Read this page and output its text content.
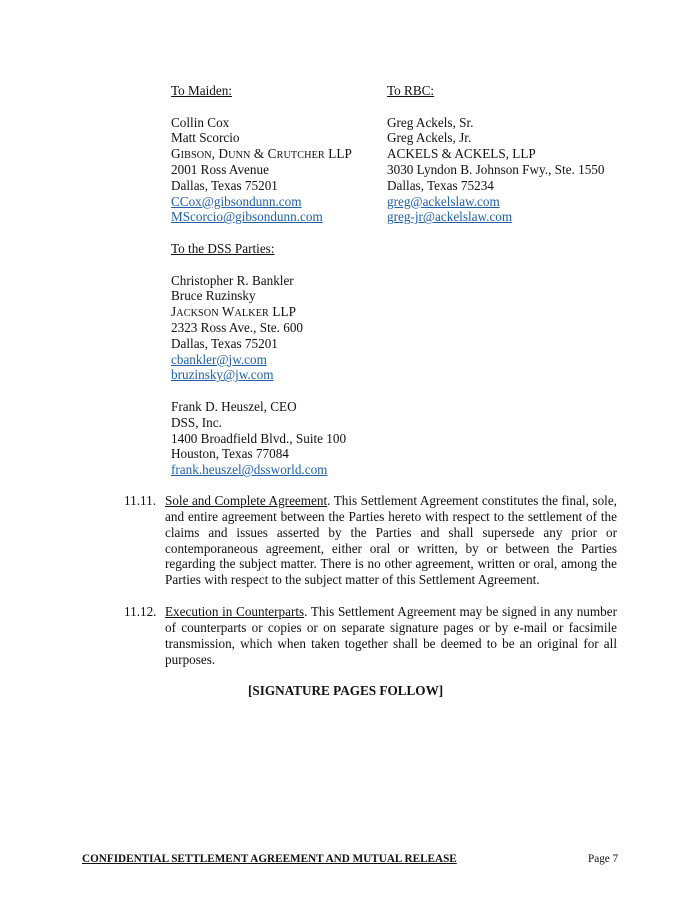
To Maiden:
Collin Cox
Matt Scorcio
GIBSON, DUNN & CRUTCHER LLP
2001 Ross Avenue
Dallas, Texas 75201
CCox@gibsondunn.com
MScorcio@gibsondunn.com
To RBC:
Greg Ackels, Sr.
Greg Ackels, Jr.
ACKELS & ACKELS, LLP
3030 Lyndon B. Johnson Fwy., Ste. 1550
Dallas, Texas 75234
greg@ackelslaw.com
greg-jr@ackelslaw.com
To the DSS Parties:
Christopher R. Bankler
Bruce Ruzinsky
JACKSON WALKER LLP
2323 Ross Ave., Ste. 600
Dallas, Texas 75201
cbankler@jw.com
bruzinsky@jw.com
Frank D. Heuszel, CEO
DSS, Inc.
1400 Broadfield Blvd., Suite 100
Houston, Texas 77084
frank.heuszel@dssworld.com
11.11. Sole and Complete Agreement. This Settlement Agreement constitutes the final, sole, and entire agreement between the Parties hereto with respect to the settlement of the claims and issues asserted by the Parties and shall supersede any prior or contemporaneous agreement, either oral or written, by or between the Parties regarding the subject matter. There is no other agreement, written or oral, among the Parties with respect to the subject matter of this Settlement Agreement.
11.12. Execution in Counterparts. This Settlement Agreement may be signed in any number of counterparts or copies or on separate signature pages or by e-mail or facsimile transmission, which when taken together shall be deemed to be an original for all purposes.
[SIGNATURE PAGES FOLLOW]
CONFIDENTIAL SETTLEMENT AGREEMENT AND MUTUAL RELEASE	Page 7
